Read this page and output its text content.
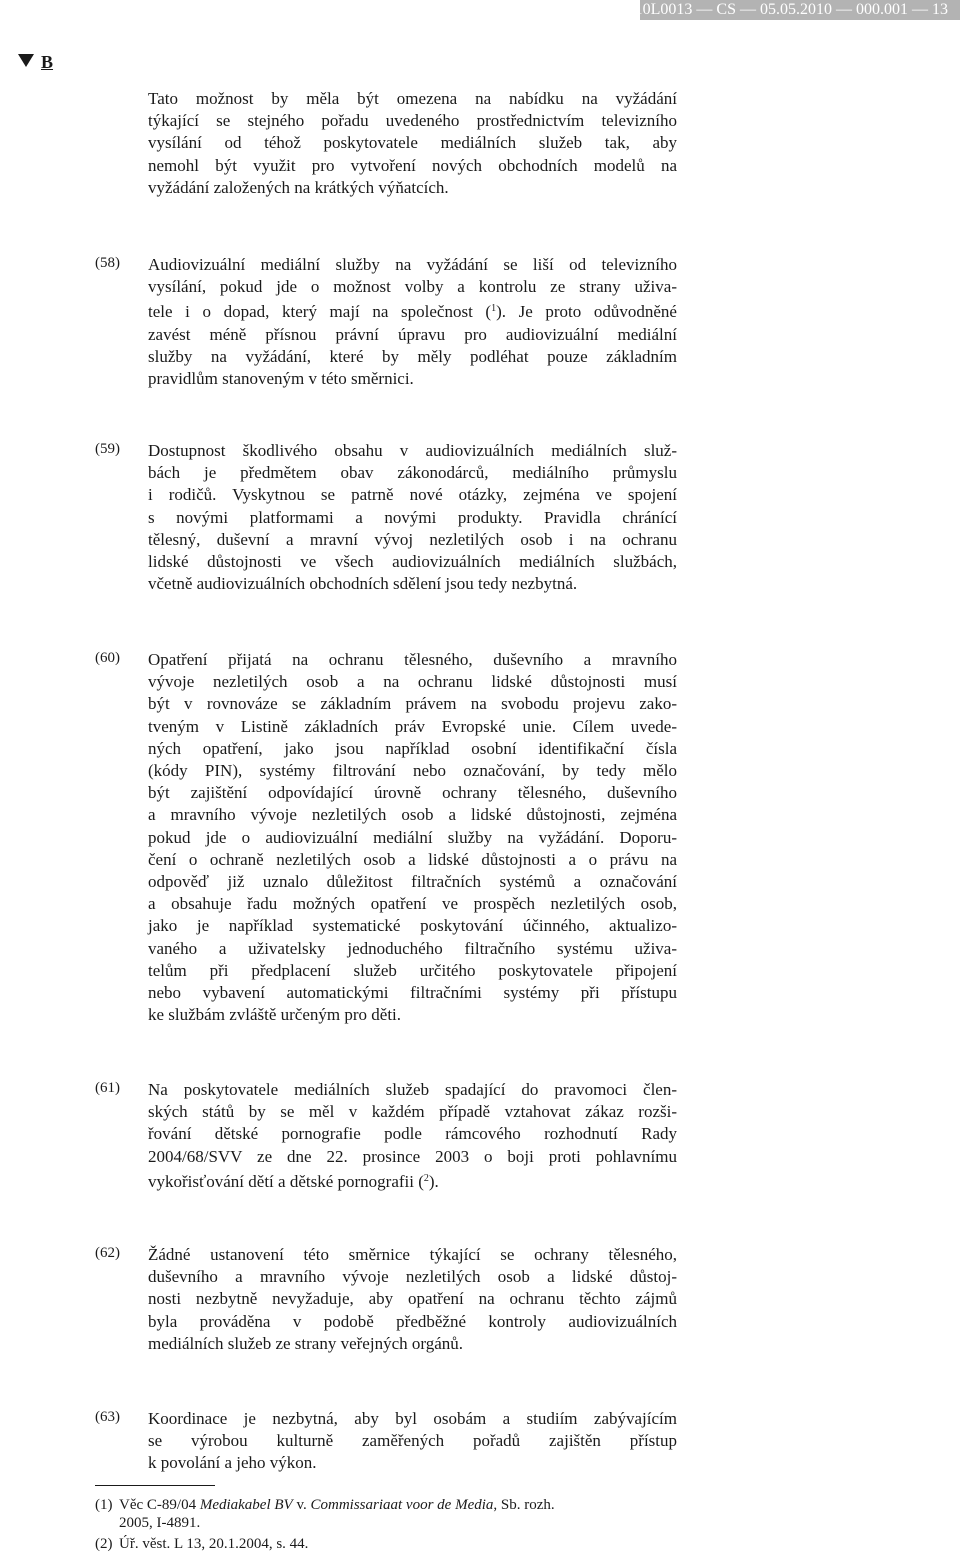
2010L0013 — CS — 05.05.2010 — 000.001 — 13
B
Tato možnost by měla být omezena na nabídku na vyžádání
týkající se stejného pořadu uvedeného prostřednictvím televizního
vysílání od téhož poskytovatele mediálních služeb tak, aby
nemohl být využit pro vytvoření nových obchodních modelů na
vyžádání založených na krátkých výňatcích.
(58) Audiovizuální mediální služby na vyžádání se liší od televizního
vysílání, pokud jde o možnost volby a kontrolu ze strany uživa-
tele i o dopad, který mají na společnost ($^1$). Je proto odůvodněné
zavést méně přísnou právní úpravu pro audiovizuální mediální
služby na vyžádání, které by měly podléhat pouze základním
pravidlům stanoveným v této směrnici.
(59) Dostupnost škodlivého obsahu v audiovizuálních mediálních služ-
bách je předmětem obav zákonodárců, mediálního průmyslu
i rodičů. Vyskytnou se patrně nové otázky, zejména ve spojení
s novými platformami a novými produkty. Pravidla chránící
tělesný, duševní a mravní vývoj nezletilých osob i na ochranu
lidské důstojnosti ve všech audiovizuálních mediálních službách,
včetně audiovizuálních obchodních sdělení jsou tedy nezbytná.
(60) Opatření přijatá na ochranu tělesného, duševního a mravního
vývoje nezletilých osob a na ochranu lidské důstojnosti musí
být v rovnováze se základním právem na svobodu projevu zako-
tveným v Listině základních práv Evropské unie. Cílem uvede-
ných opatření, jako jsou například osobní identifikační čísla
(kódy PIN), systémy filtrování nebo označování, by tedy mělo
být zajištění odpovídající úrovně ochrany tělesného, duševního
a mravního vývoje nezletilých osob a lidské důstojnosti, zejména
pokud jde o audiovizuální mediální služby na vyžádání. Doporu-
čení o ochraně nezletilých osob a lidské důstojnosti a o právu na
odpověď již uznalo důležitost filtračních systémů a označování
a obsahuje řadu možných opatření ve prospěch nezletilých osob,
jako je například systematické poskytování účinného, aktualizo-
vaného a uživatelsky jednoduchého filtračního systému uživa-
telům při předplacení služeb určitého poskytovatele připojení
nebo vybavení automatickými filtračními systémy při přístupu
ke službám zvláště určeným pro děti.
(61) Na poskytovatele mediálních služeb spadající do pravomoci člen-
ských států by se měl v každém případě vztahovat zákaz rozši-
řování dětské pornografie podle rámcového rozhodnutí Rady
2004/68/SVV ze dne 22. prosince 2003 o boji proti pohlavnímu
vykořisťování dětí a dětské pornografii ($^2$).
(62) Žádné ustanovení této směrnice týkající se ochrany tělesného,
duševního a mravního vývoje nezletilých osob a lidské důstoj-
nosti nezbytně nevyžaduje, aby opatření na ochranu těchto zájmů
byla prováděna v podobě předběžné kontroly audiovizuálních
mediálních služeb ze strany veřejných orgánů.
(63) Koordinace je nezbytná, aby byl osobám a studiím zabývajícím
se výrobou kulturně zaměřených pořadů zajištěn přístup
k povolání a jeho výkon.
(1) Věc C-89/04 Mediakabel BV v. Commissariaat voor de Media, Sb. rozh.
2005, I-4891.
(2) Úř. věst. L 13, 20.1.2004, s. 44.
